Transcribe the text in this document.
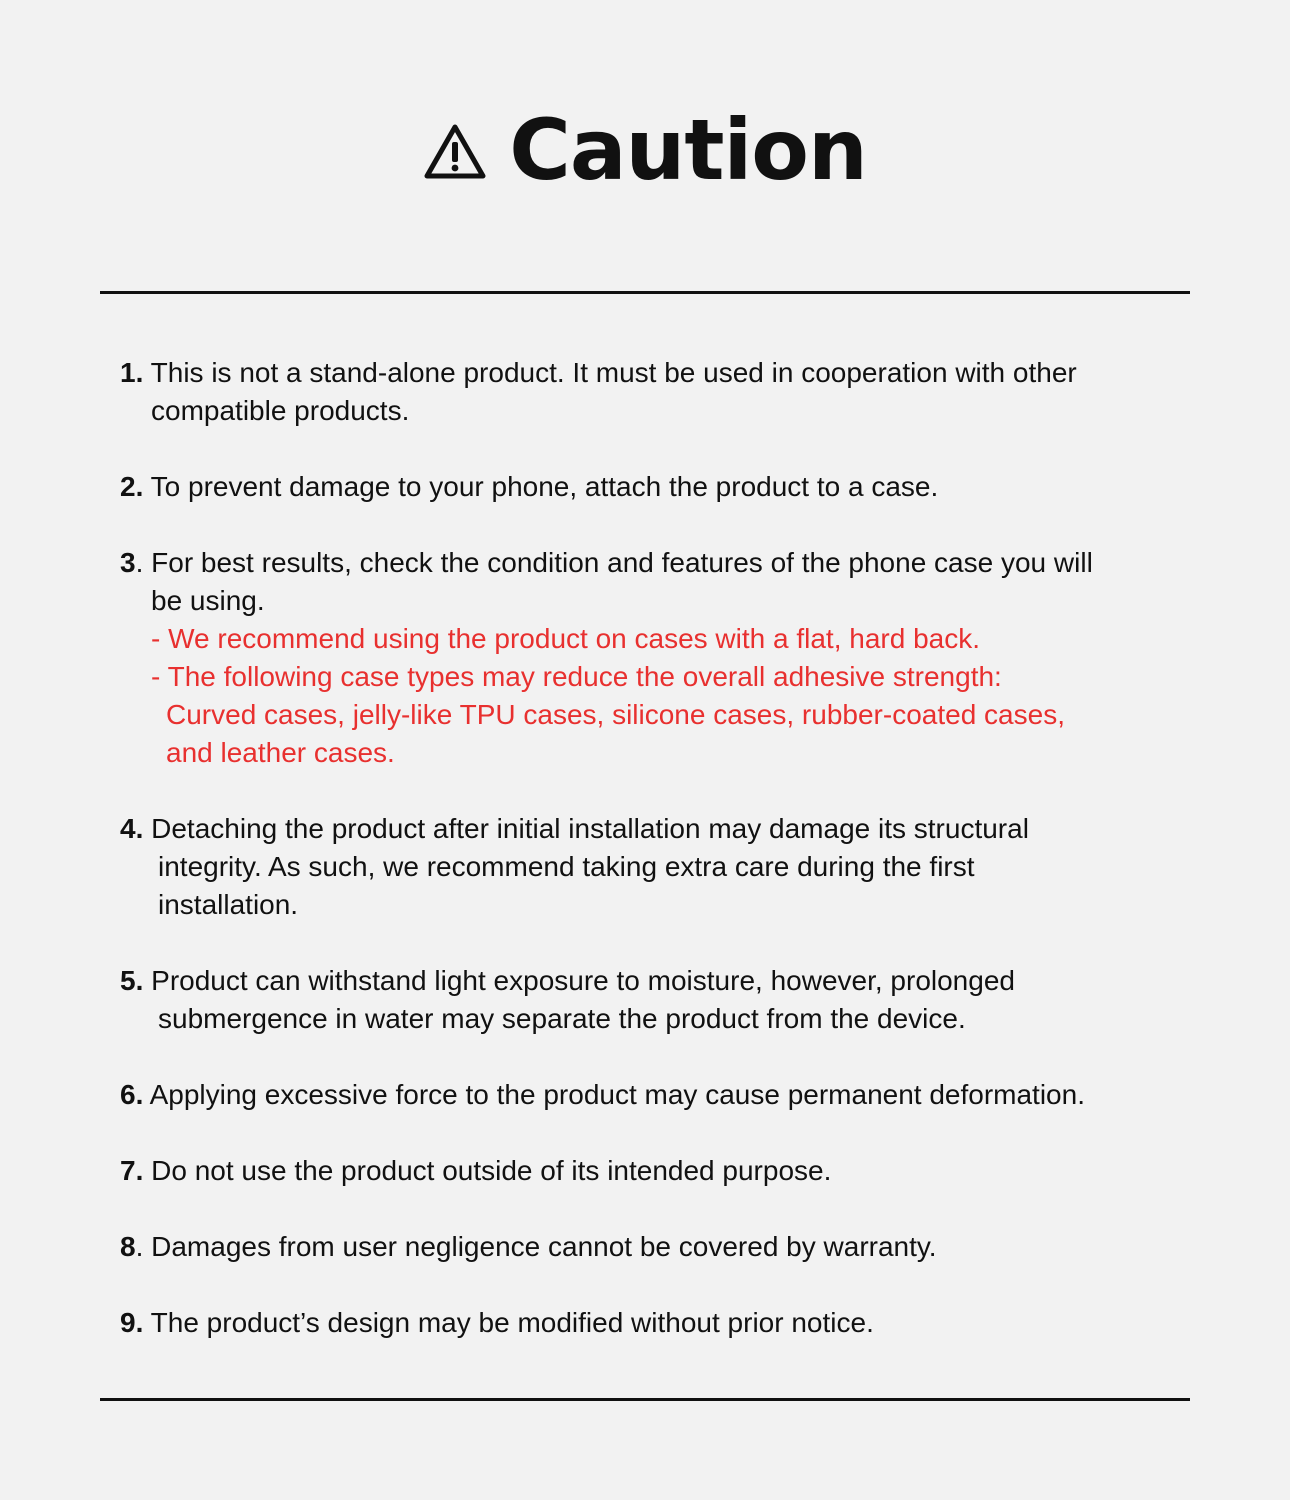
Caution
1. This is not a stand-alone product. It must be used in cooperation with other
compatible products.
2. To prevent damage to your phone, attach the product to a case.
3. For best results, check the condition and features of the phone case you will
be using.
- We recommend using the product on cases with a flat, hard back.
- The following case types may reduce the overall adhesive strength:
Curved cases, jelly-like TPU cases, silicone cases, rubber-coated cases,
and leather cases.
4. Detaching the product after initial installation may damage its structural
integrity. As such, we recommend taking extra care during the first
installation.
5. Product can withstand light exposure to moisture, however, prolonged
submergence in water may separate the product from the device.
6. Applying excessive force to the product may cause permanent deformation.
7. Do not use the product outside of its intended purpose.
8. Damages from user negligence cannot be covered by warranty.
9. The product’s design may be modified without prior notice.
